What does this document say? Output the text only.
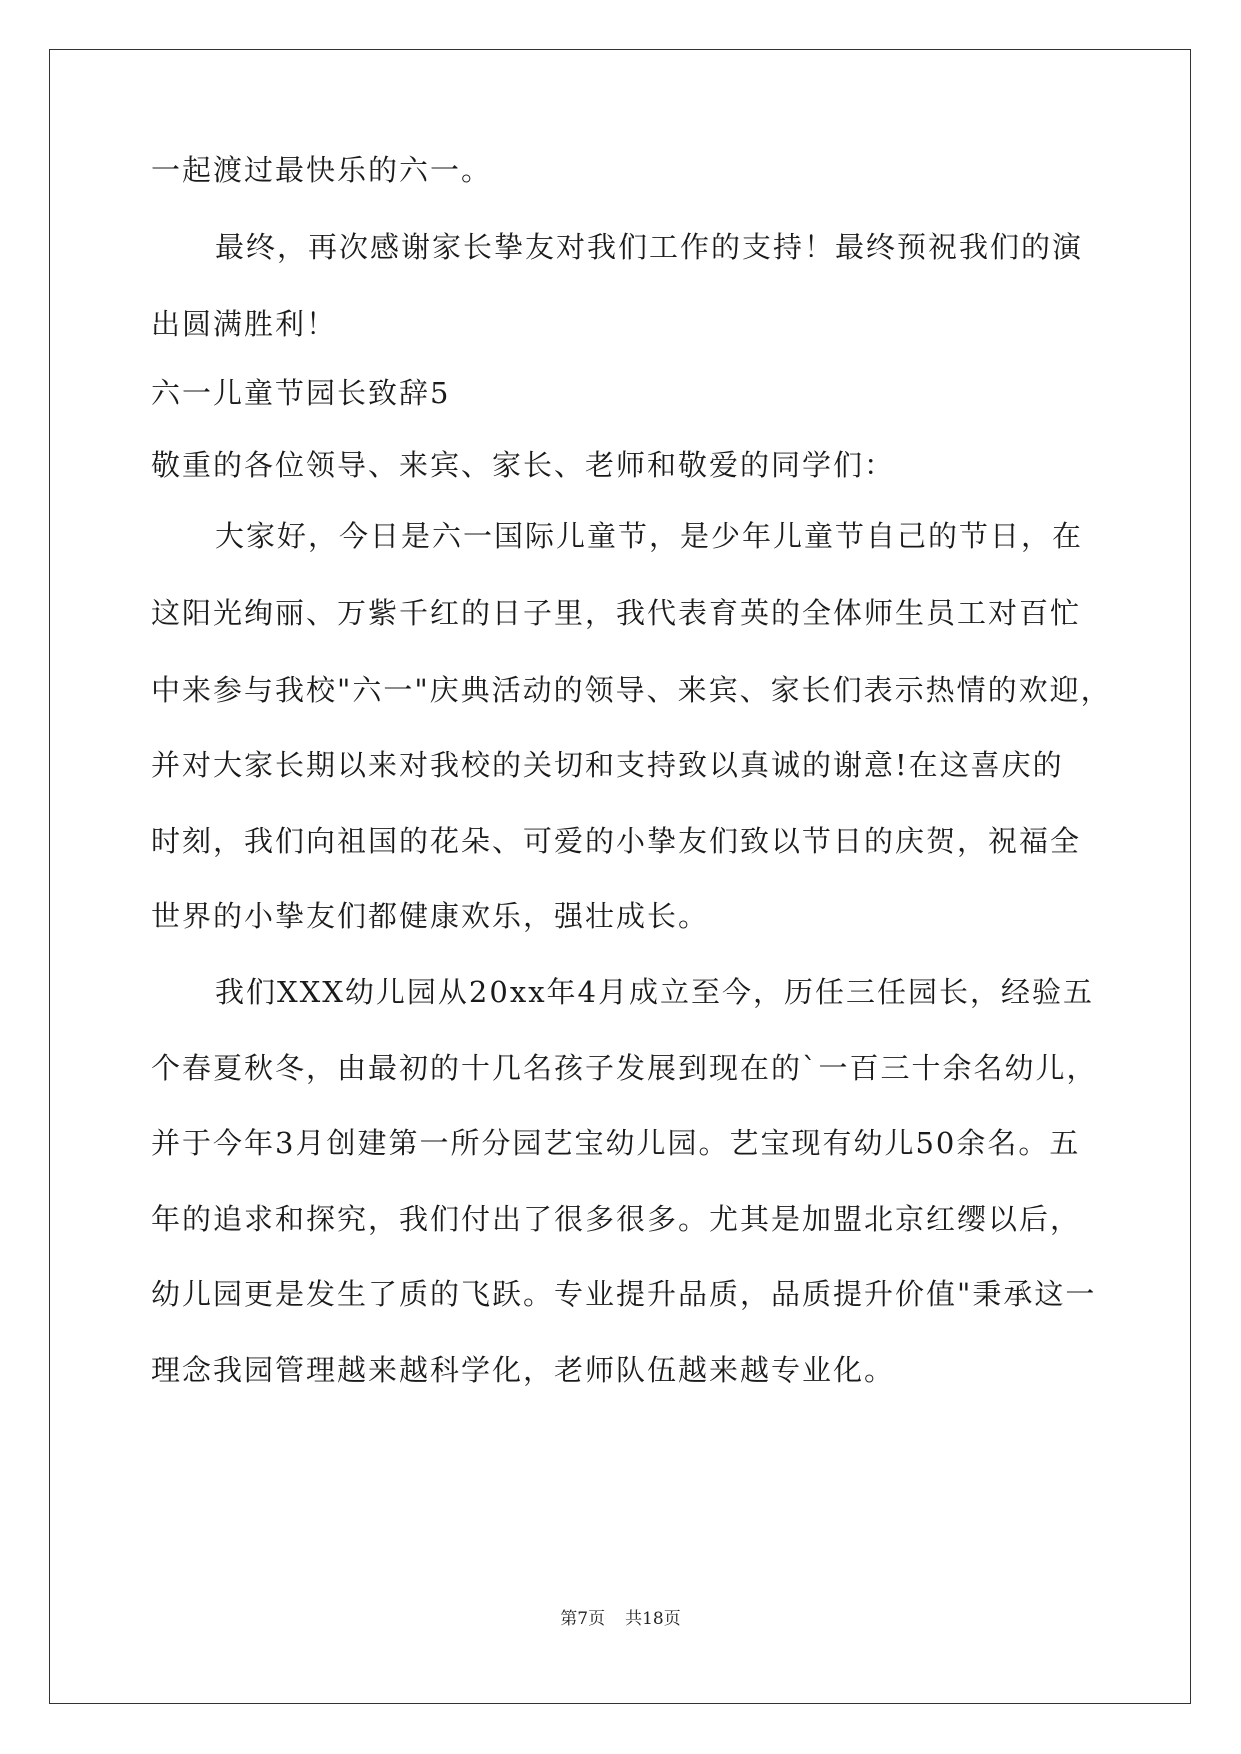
一起渡过最快乐的六一。
最终，再次感谢家长挚友对我们工作的支持！最终预祝我们的演
出圆满胜利！
六一儿童节园长致辞5
敬重的各位领导、来宾、家长、老师和敬爱的同学们：
大家好，今日是六一国际儿童节，是少年儿童节自己的节日，在
这阳光绚丽、万紫千红的日子里，我代表育英的全体师生员工对百忙
中来参与我校"六一"庆典活动的领导、来宾、家长们表示热情的欢迎，
并对大家长期以来对我校的关切和支持致以真诚的谢意!在这喜庆的
时刻，我们向祖国的花朵、可爱的小挚友们致以节日的庆贺，祝福全
世界的小挚友们都健康欢乐，强壮成长。
我们XXX幼儿园从20xx年4月成立至今，历任三任园长，经验五
个春夏秋冬，由最初的十几名孩子发展到现在的`一百三十余名幼儿，
并于今年3月创建第一所分园艺宝幼儿园。艺宝现有幼儿50余名。五
年的追求和探究，我们付出了很多很多。尤其是加盟北京红缨以后，
幼儿园更是发生了质的飞跃。专业提升品质，品质提升价值"秉承这一
理念我园管理越来越科学化，老师队伍越来越专业化。
第7页 共18页
